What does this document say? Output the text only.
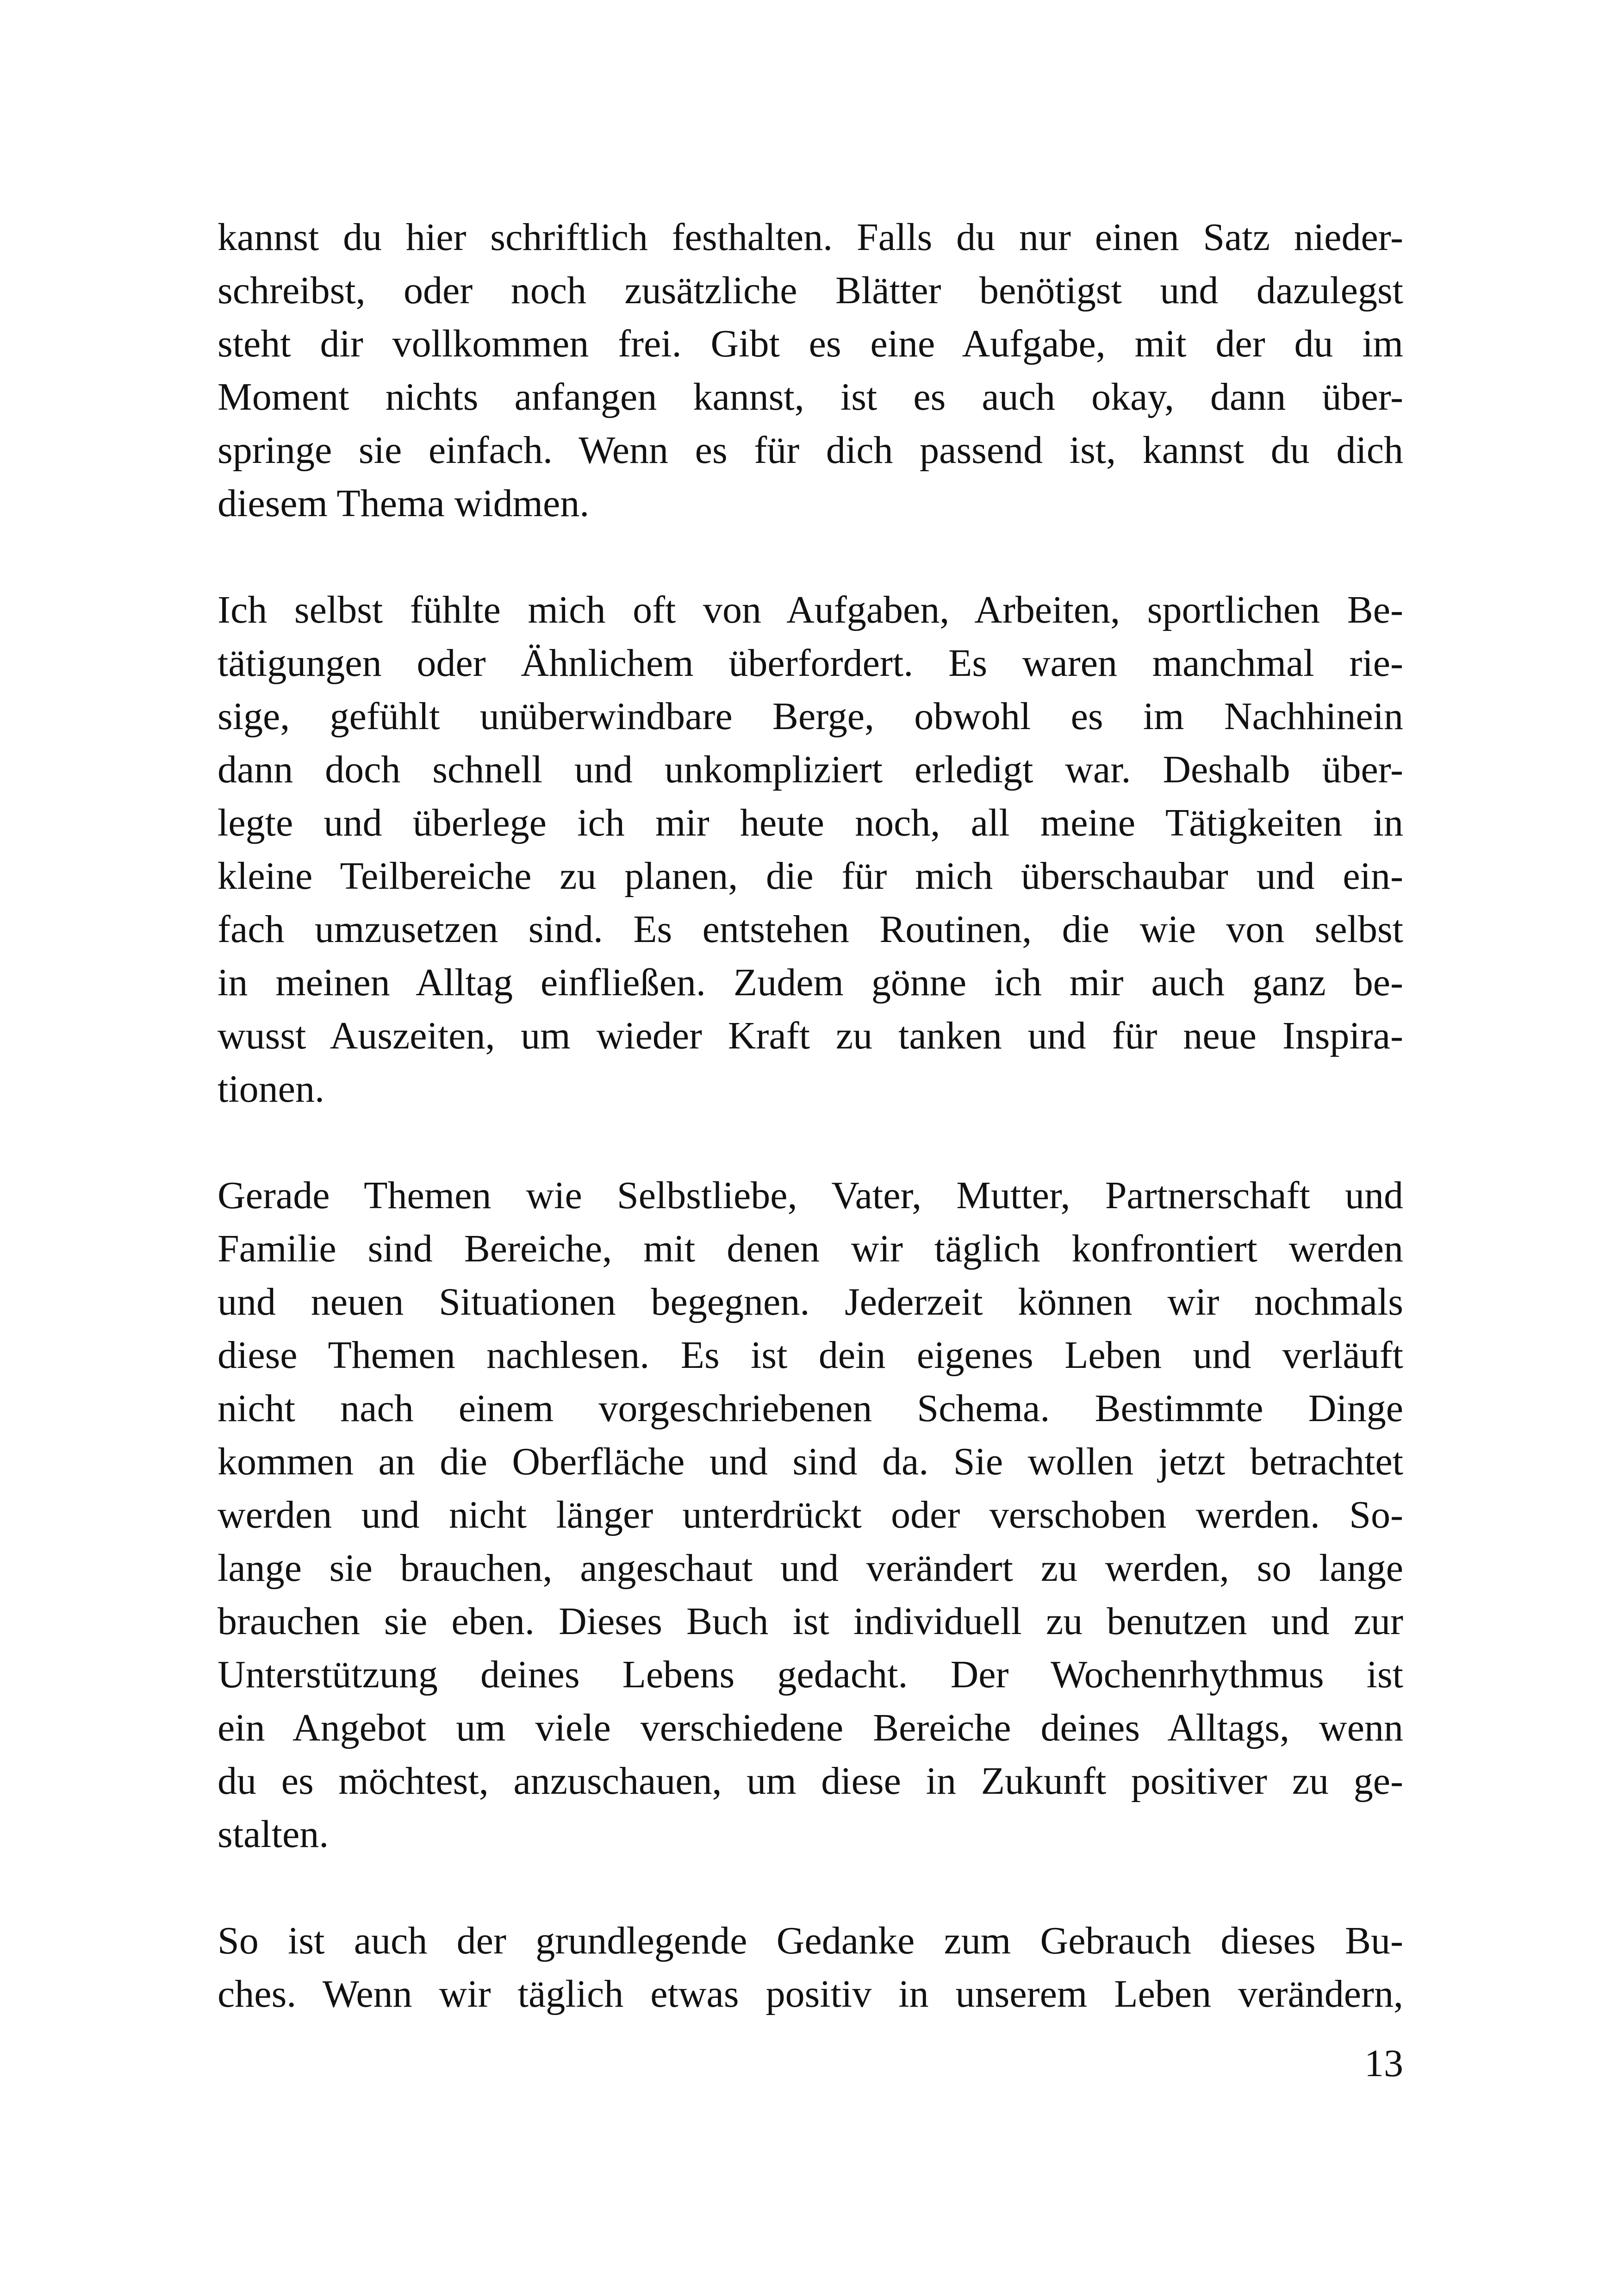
kannst du hier schriftlich festhalten. Falls du nur einen Satz nieder-
schreibst, oder noch zusätzliche Blätter benötigst und dazulegst
steht dir vollkommen frei. Gibt es eine Aufgabe, mit der du im
Moment nichts anfangen kannst, ist es auch okay, dann über-
springe sie einfach. Wenn es für dich passend ist, kannst du dich
diesem Thema widmen.

Ich selbst fühlte mich oft von Aufgaben, Arbeiten, sportlichen Be-
tätigungen oder Ähnlichem überfordert. Es waren manchmal rie-
sige, gefühlt unüberwindbare Berge, obwohl es im Nachhinein
dann doch schnell und unkompliziert erledigt war. Deshalb über-
legte und überlege ich mir heute noch, all meine Tätigkeiten in
kleine Teilbereiche zu planen, die für mich überschaubar und ein-
fach umzusetzen sind. Es entstehen Routinen, die wie von selbst
in meinen Alltag einfließen. Zudem gönne ich mir auch ganz be-
wusst Auszeiten, um wieder Kraft zu tanken und für neue Inspira-
tionen.

Gerade Themen wie Selbstliebe, Vater, Mutter, Partnerschaft und
Familie sind Bereiche, mit denen wir täglich konfrontiert werden
und neuen Situationen begegnen. Jederzeit können wir nochmals
diese Themen nachlesen. Es ist dein eigenes Leben und verläuft
nicht nach einem vorgeschriebenen Schema. Bestimmte Dinge
kommen an die Oberfläche und sind da. Sie wollen jetzt betrachtet
werden und nicht länger unterdrückt oder verschoben werden. So-
lange sie brauchen, angeschaut und verändert zu werden, so lange
brauchen sie eben. Dieses Buch ist individuell zu benutzen und zur
Unterstützung deines Lebens gedacht. Der Wochenrhythmus ist
ein Angebot um viele verschiedene Bereiche deines Alltags, wenn
du es möchtest, anzuschauen, um diese in Zukunft positiver zu ge-
stalten.

So ist auch der grundlegende Gedanke zum Gebrauch dieses Bu-
ches. Wenn wir täglich etwas positiv in unserem Leben verändern,

13
